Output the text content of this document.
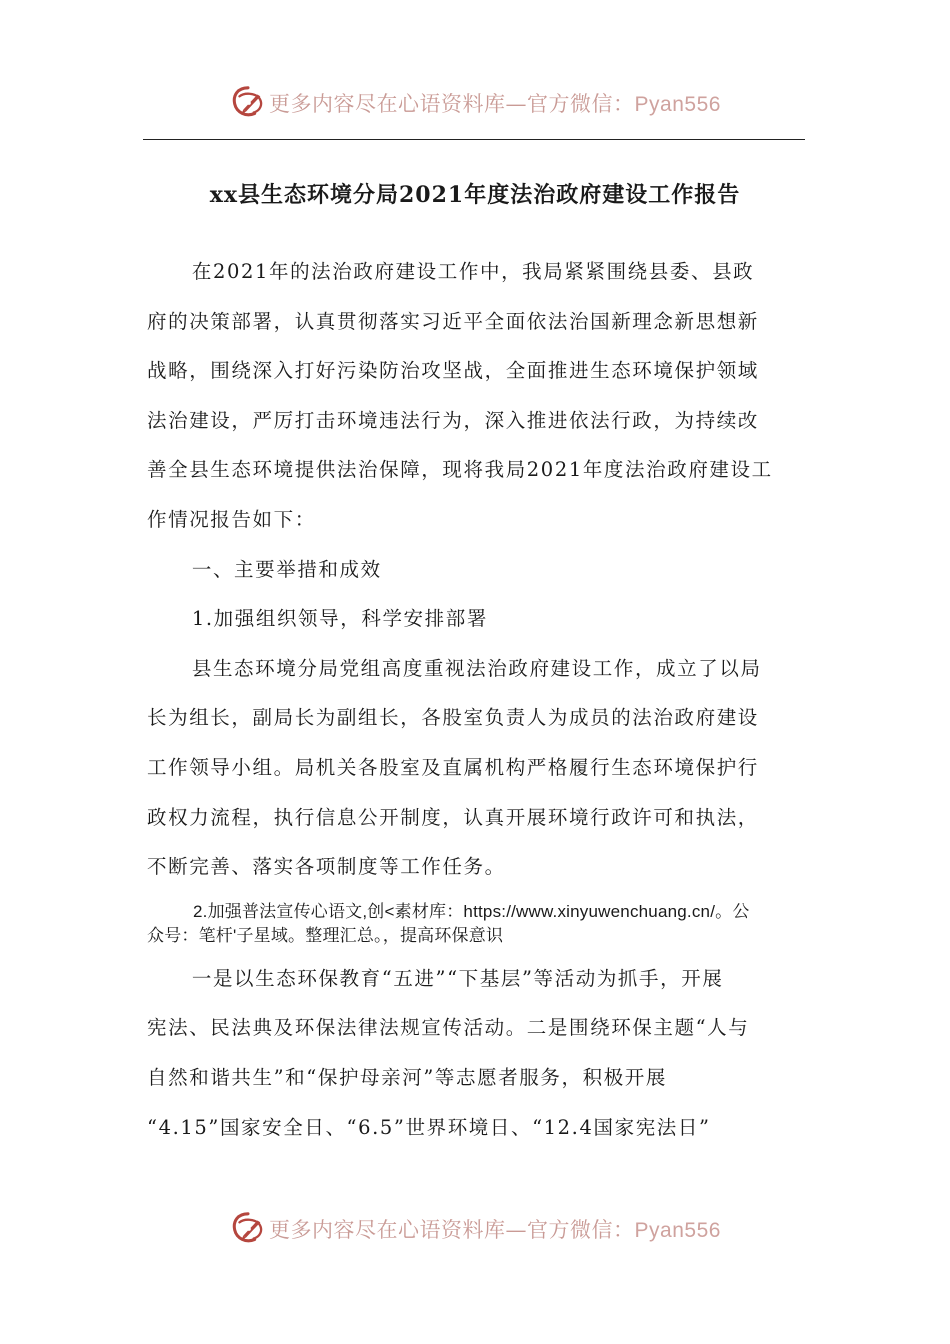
更多内容尽在心语资料库—官方微信：Pyan556
xx县生态环境分局2021年度法治政府建设工作报告

在2021年的法治政府建设工作中，我局紧紧围绕县委、县政
府的决策部署，认真贯彻落实习近平全面依法治国新理念新思想新
战略，围绕深入打好污染防治攻坚战，全面推进生态环境保护领域
法治建设，严厉打击环境违法行为，深入推进依法行政，为持续改
善全县生态环境提供法治保障，现将我局2021年度法治政府建设工
作情况报告如下：

一、主要举措和成效

1.加强组织领导，科学安排部署

县生态环境分局党组高度重视法治政府建设工作，成立了以局
长为组长，副局长为副组长，各股室负责人为成员的法治政府建设
工作领导小组。局机关各股室及直属机构严格履行生态环境保护行
政权力流程，执行信息公开制度，认真开展环境行政许可和执法，
不断完善、落实各项制度等工作任务。

2.加强普法宣传心语文,创<素材库：https://www.xinyuwenchuang.cn/。公
众号：笔杆'子星域。整理汇总。，提高环保意识

一是以生态环保教育“五进”“下基层”等活动为抓手，开展
宪法、民法典及环保法律法规宣传活动。二是围绕环保主题“人与
自然和谐共生”和“保护母亲河”等志愿者服务，积极开展
“4.15”国家安全日、“6.5”世界环境日、“12.4国家宪法日”

更多内容尽在心语资料库—官方微信：Pyan556
